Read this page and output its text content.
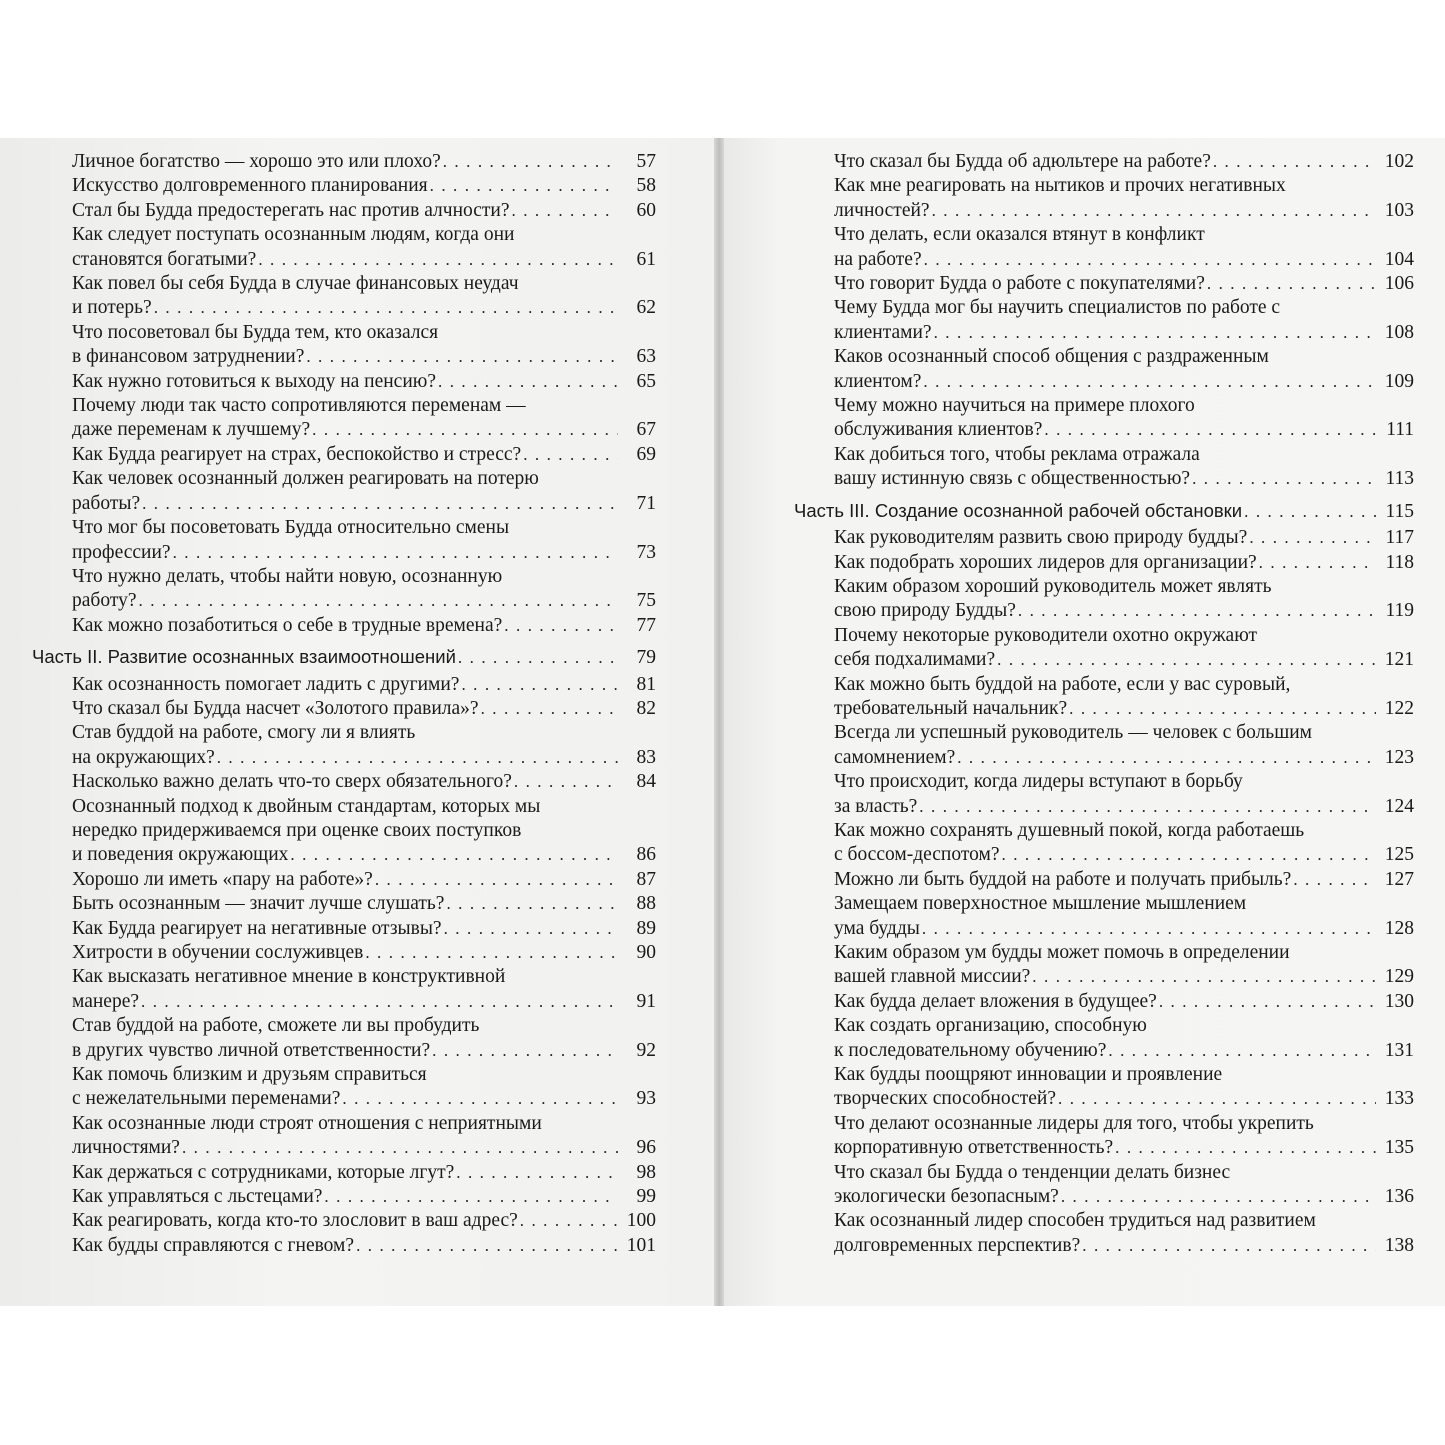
Личное богатство — хорошо это или плохо? . . .	57
Искусство долговременного планирования . . .	58
Стал бы Будда предостерегать нас против алчности? . . .	60
Как следует поступать осознанным людям, когда они
становятся богатыми? . . .	61
Как повел бы себя Будда в случае финансовых неудач
и потерь? . . .	62
Что посоветовал бы Будда тем, кто оказался
в финансовом затруднении? . . .	63
Как нужно готовиться к выходу на пенсию? . . .	65
Почему люди так часто сопротивляются переменам —
даже переменам к лучшему? . . .	67
Как Будда реагирует на страх, беспокойство и стресс? . . .	69
Как человек осознанный должен реагировать на потерю
работы? . . .	71
Что мог бы посоветовать Будда относительно смены
профессии? . . .	73
Что нужно делать, чтобы найти новую, осознанную
работу? . . .	75
Как можно позаботиться о себе в трудные времена? . . .	77
Часть II. Развитие осознанных взаимоотношений . . .	79
Как осознанность помогает ладить с другими? . . .	81
Что сказал бы Будда насчет «Золотого правила»? . . .	82
Став буддой на работе, смогу ли я влиять
на окружающих? . . .	83
Насколько важно делать что-то сверх обязательного? . . .	84
Осознанный подход к двойным стандартам, которых мы
нередко придерживаемся при оценке своих поступков
и поведения окружающих . . .	86
Хорошо ли иметь «пару на работе»? . . .	87
Быть осознанным — значит лучше слушать? . . .	88
Как Будда реагирует на негативные отзывы? . . .	89
Хитрости в обучении сослуживцев . . .	90
Как высказать негативное мнение в конструктивной
манере? . . .	91
Став буддой на работе, сможете ли вы пробудить
в других чувство личной ответственности? . . .	92
Как помочь близким и друзьям справиться
с нежелательными переменами? . . .	93
Как осознанные люди строят отношения с неприятными
личностями? . . .	96
Как держаться с сотрудниками, которые лгут? . . .	98
Как управляться с льстецами? . . .	99
Как реагировать, когда кто-то злословит в ваш адрес? . . .	100
Как будды справляются с гневом? . . .	101
Что сказал бы Будда об адюльтере на работе? . . .	102
Как мне реагировать на нытиков и прочих негативных
личностей? . . .	103
Что делать, если оказался втянут в конфликт
на работе? . . .	104
Что говорит Будда о работе с покупателями? . . .	106
Чему Будда мог бы научить специалистов по работе с
клиентами? . . .	108
Каков осознанный способ общения с раздраженным
клиентом? . . .	109
Чему можно научиться на примере плохого
обслуживания клиентов? . . .	111
Как добиться того, чтобы реклама отражала
вашу истинную связь с общественностью? . . .	113
Часть III. Создание осознанной рабочей обстановки . . .	115
Как руководителям развить свою природу будды? . . .	117
Как подобрать хороших лидеров для организации? . . .	118
Каким образом хороший руководитель может являть
свою природу Будды? . . .	119
Почему некоторые руководители охотно окружают
себя подхалимами? . . .	121
Как можно быть буддой на работе, если у вас суровый,
требовательный начальник? . . .	122
Всегда ли успешный руководитель — человек с большим
самомнением? . . .	123
Что происходит, когда лидеры вступают в борьбу
за власть? . . .	124
Как можно сохранять душевный покой, когда работаешь
с боссом-деспотом? . . .	125
Можно ли быть буддой на работе и получать прибыль? . . .	127
Замещаем поверхностное мышление мышлением
ума будды . . .	128
Каким образом ум будды может помочь в определении
вашей главной миссии? . . .	129
Как будда делает вложения в будущее? . . .	130
Как создать организацию, способную
к последовательному обучению? . . .	131
Как будды поощряют инновации и проявление
творческих способностей? . . .	133
Что делают осознанные лидеры для того, чтобы укрепить
корпоративную ответственность? . . .	135
Что сказал бы Будда о тенденции делать бизнес
экологически безопасным? . . .	136
Как осознанный лидер способен трудиться над развитием
долговременных перспектив? . . .	138
